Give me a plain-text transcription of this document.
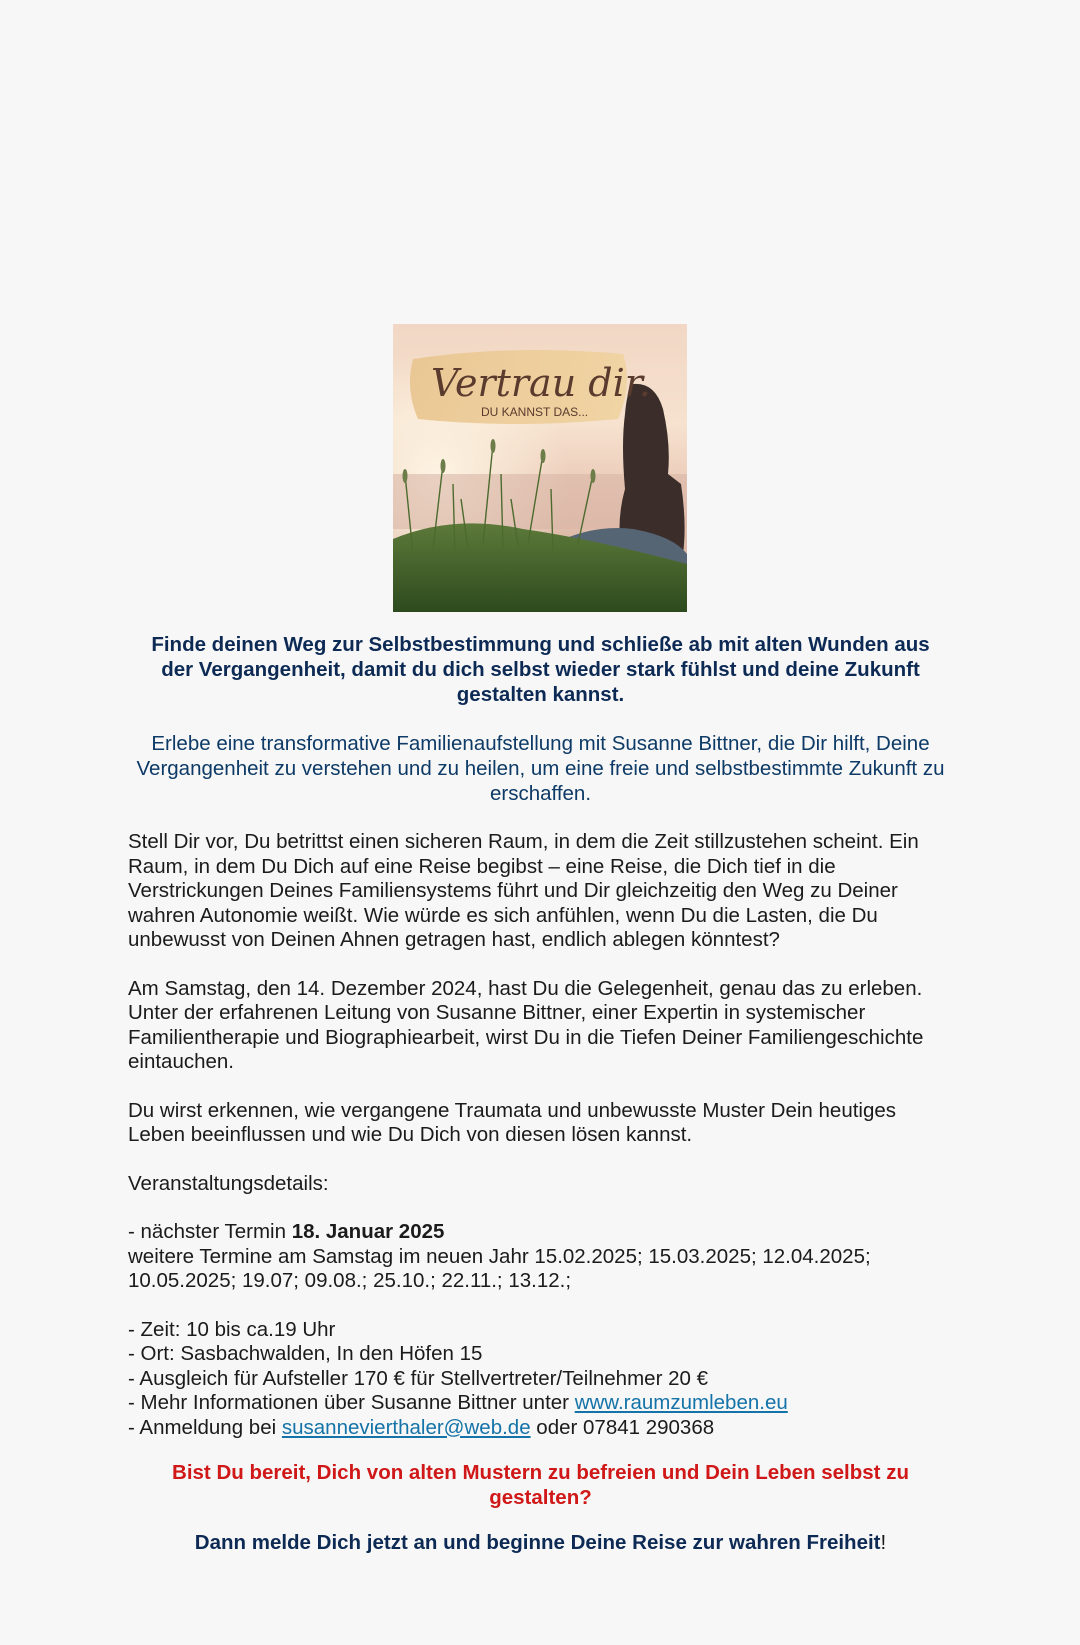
Vertrau dir.
DU KANNST DAS...

Finde deinen Weg zur Selbstbestimmung und schließe ab mit alten Wunden aus der Vergangenheit, damit du dich selbst wieder stark fühlst und deine Zukunft gestalten kannst.

Erlebe eine transformative Familienaufstellung mit Susanne Bittner, die Dir hilft, Deine Vergangenheit zu verstehen und zu heilen, um eine freie und selbstbestimmte Zukunft zu erschaffen.

Stell Dir vor, Du betrittst einen sicheren Raum, in dem die Zeit stillzustehen scheint. Ein Raum, in dem Du Dich auf eine Reise begibst – eine Reise, die Dich tief in die Verstrickungen Deines Familiensystems führt und Dir gleichzeitig den Weg zu Deiner wahren Autonomie weißt. Wie würde es sich anfühlen, wenn Du die Lasten, die Du unbewusst von Deinen Ahnen getragen hast, endlich ablegen könntest?

Am Samstag, den 14. Dezember 2024, hast Du die Gelegenheit, genau das zu erleben. Unter der erfahrenen Leitung von Susanne Bittner, einer Expertin in systemischer Familientherapie und Biographiearbeit, wirst Du in die Tiefen Deiner Familiengeschichte eintauchen.

Du wirst erkennen, wie vergangene Traumata und unbewusste Muster Dein heutiges Leben beeinflussen und wie Du Dich von diesen lösen kannst.

Veranstaltungsdetails:

- nächster Termin 18. Januar 2025
weitere Termine am Samstag im neuen Jahr 15.02.2025; 15.03.2025; 12.04.2025; 10.05.2025; 19.07; 09.08.; 25.10.; 22.11.; 13.12.;

- Zeit: 10 bis ca.19 Uhr
- Ort: Sasbachwalden, In den Höfen 15
- Ausgleich für Aufsteller 170 € für Stellvertreter/Teilnehmer 20 €
- Mehr Informationen über Susanne Bittner unter www.raumzumleben.eu
- Anmeldung bei susannevierthaler@web.de oder 07841 290368

Bist Du bereit, Dich von alten Mustern zu befreien und Dein Leben selbst zu gestalten?

Dann melde Dich jetzt an und beginne Deine Reise zur wahren Freiheit!
